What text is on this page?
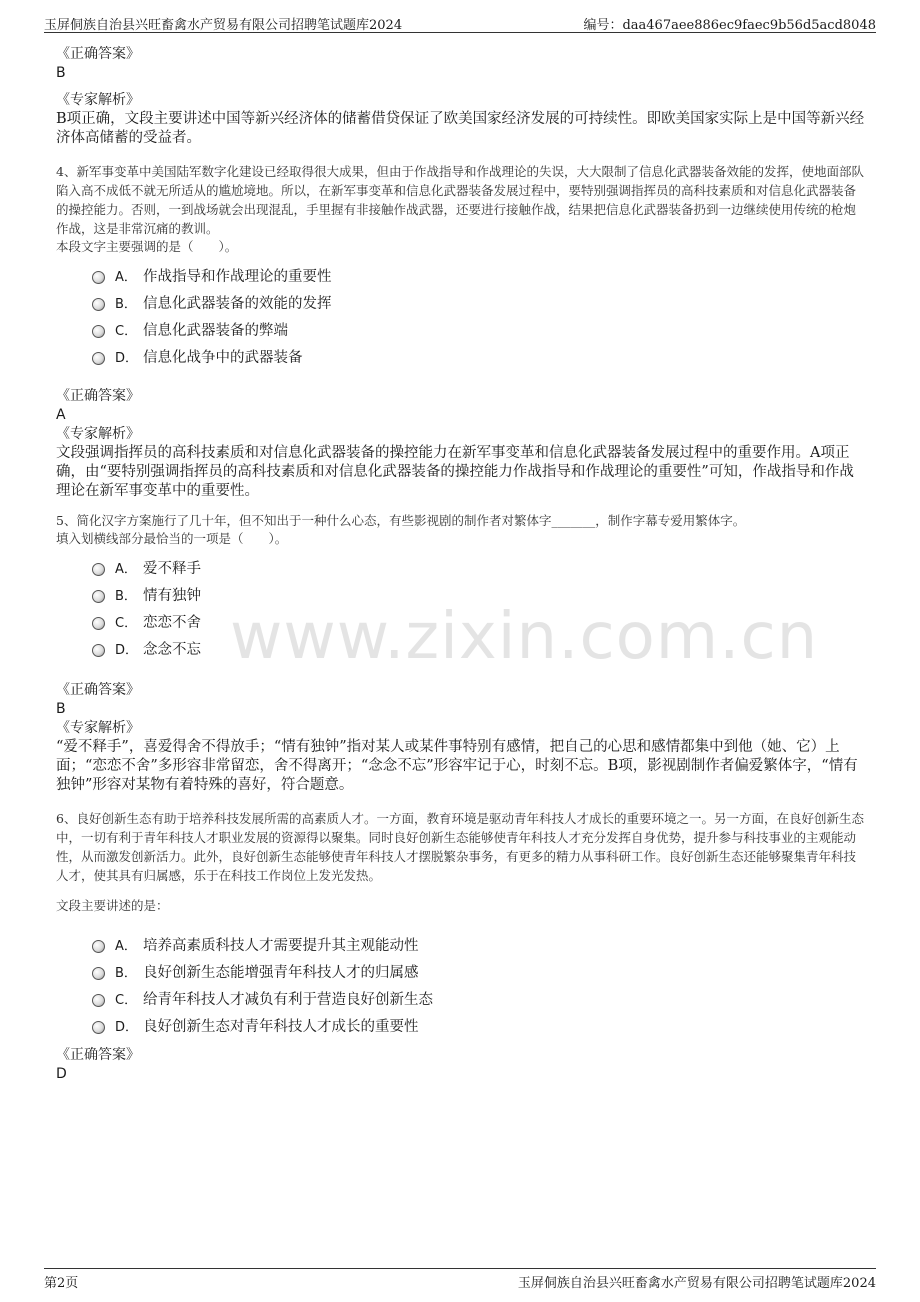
玉屏侗族自治县兴旺畜禽水产贸易有限公司招聘笔试题库2024	编号：daa467aee886ec9faec9b56d5acd8048
www.zixin.com.cn
《正确答案》
B
《专家解析》
B项正确，文段主要讲述中国等新兴经济体的储蓄借贷保证了欧美国家经济发展的可持续性。即欧美国家实际上是中国等新兴经济体高储蓄的受益者。
4、新军事变革中美国陆军数字化建设已经取得很大成果，但由于作战指导和作战理论的失误，大大限制了信息化武器装备效能的发挥，使地面部队陷入高不成低不就无所适从的尴尬境地。所以，在新军事变革和信息化武器装备发展过程中，要特别强调指挥员的高科技素质和对信息化武器装备的操控能力。否则，一到战场就会出现混乱，手里握有非接触作战武器，还要进行接触作战，结果把信息化武器装备扔到一边继续使用传统的枪炮作战，这是非常沉痛的教训。
本段文字主要强调的是（　　）。
A． 作战指导和作战理论的重要性
B． 信息化武器装备的效能的发挥
C． 信息化武器装备的弊端
D． 信息化战争中的武器装备
《正确答案》
A
《专家解析》
文段强调指挥员的高科技素质和对信息化武器装备的操控能力在新军事变革和信息化武器装备发展过程中的重要作用。A项正确，由“要特别强调指挥员的高科技素质和对信息化武器装备的操控能力作战指导和作战理论的重要性”可知，作战指导和作战理论在新军事变革中的重要性。
5、简化汉字方案施行了几十年，但不知出于一种什么心态，有些影视剧的制作者对繁体字_______，制作字幕专爱用繁体字。
填入划横线部分最恰当的一项是（　　）。
A． 爱不释手
B． 情有独钟
C． 恋恋不舍
D． 念念不忘
《正确答案》
B
《专家解析》
“爱不释手”，喜爱得舍不得放手；“情有独钟”指对某人或某件事特别有感情，把自己的心思和感情都集中到他（她、它）上面；“恋恋不舍”多形容非常留恋，舍不得离开；“念念不忘”形容牢记于心，时刻不忘。B项，影视剧制作者偏爱繁体字，“情有独钟”形容对某物有着特殊的喜好，符合题意。
6、良好创新生态有助于培养科技发展所需的高素质人才。一方面，教育环境是驱动青年科技人才成长的重要环境之一。另一方面，在良好创新生态中，一切有利于青年科技人才职业发展的资源得以聚集。同时良好创新生态能够使青年科技人才充分发挥自身优势，提升参与科技事业的主观能动性，从而激发创新活力。此外，良好创新生态能够使青年科技人才摆脱繁杂事务，有更多的精力从事科研工作。良好创新生态还能够聚集青年科技人才，使其具有归属感，乐于在科技工作岗位上发光发热。
文段主要讲述的是：
A． 培养高素质科技人才需要提升其主观能动性
B． 良好创新生态能增强青年科技人才的归属感
C． 给青年科技人才减负有利于营造良好创新生态
D． 良好创新生态对青年科技人才成长的重要性
《正确答案》
D
第2页	玉屏侗族自治县兴旺畜禽水产贸易有限公司招聘笔试题库2024
